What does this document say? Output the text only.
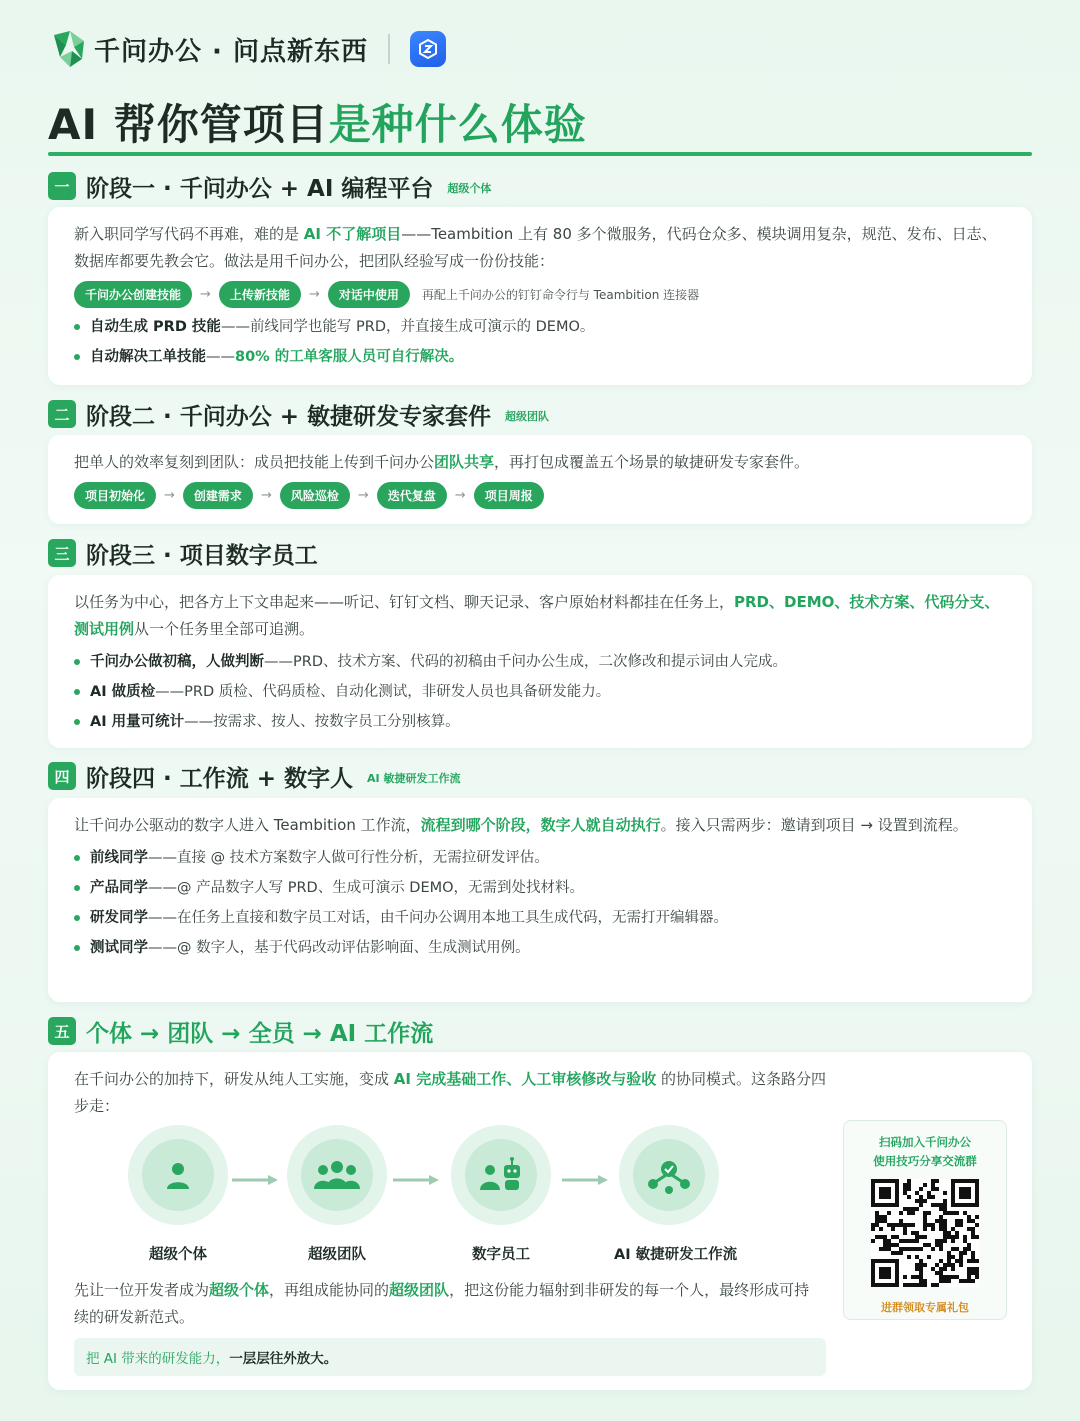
千问办公 · 问点新东西
AI 帮你管项目是种什么体验
一 阶段一 · 千问办公 + AI 编程平台 超级个体
新入职同学写代码不再难，难的是 AI 不了解项目——Teambition 上有 80 多个微服务，代码仓众多、模块调用复杂，规范、发布、日志、数据库都要先教会它。做法是用千问办公，把团队经验写成一份份技能：
千问办公创建技能	→	上传新技能	→	对话中使用	再配上千问办公的钉钉命令行与 Teambition 连接器
自动生成 PRD 技能 ——前线同学也能写 PRD，并直接生成可演示的 DEMO。
自动解决工单技能 —— 80% 的工单客服人员可自行解决。
二 阶段二 · 千问办公 + 敏捷研发专家套件 超级团队
把单人的效率复刻到团队：成员把技能上传到千问办公团队共享，再打包成覆盖五个场景的敏捷研发专家套件。
项目初始化	→	创建需求	→	风险巡检	→	迭代复盘	→	项目周报
三 阶段三 · 项目数字员工
以任务为中心，把各方上下文串起来——听记、钉钉文档、聊天记录、客户原始材料都挂在任务上，PRD、DEMO、技术方案、代码分支、测试用例从一个任务里全部可追溯。
千问办公做初稿，人做判断 ——PRD、技术方案、代码的初稿由千问办公生成，二次修改和提示词由人完成。
AI 做质检 ——PRD 质检、代码质检、自动化测试，非研发人员也具备研发能力。
AI 用量可统计 ——按需求、按人、按数字员工分别核算。
四 阶段四 · 工作流 + 数字人 AI 敏捷研发工作流
让千问办公驱动的数字人进入 Teambition 工作流，流程到哪个阶段，数字人就自动执行。接入只需两步：邀请到项目 → 设置到流程。
前线同学 ——直接 @ 技术方案数字人做可行性分析，无需拉研发评估。
产品同学 ——@ 产品数字人写 PRD、生成可演示 DEMO，无需到处找材料。
研发同学 ——在任务上直接和数字员工对话，由千问办公调用本地工具生成代码，无需打开编辑器。
测试同学 ——@ 数字人，基于代码改动评估影响面、生成测试用例。
五 个体 → 团队 → 全员 → AI 工作流
在千问办公的加持下，研发从纯人工实施，变成 AI 完成基础工作、人工审核修改与验收 的协同模式。这条路分四步走：
超级个体	超级团队	数字员工	AI 敏捷研发工作流
先让一位开发者成为超级个体，再组成能协同的超级团队，把这份能力辐射到非研发的每一个人，最终形成可持续的研发新范式。
把 AI 带来的研发能力， 一层层往外放大。
扫码加入千问办公
使用技巧分享交流群
进群领取专属礼包
